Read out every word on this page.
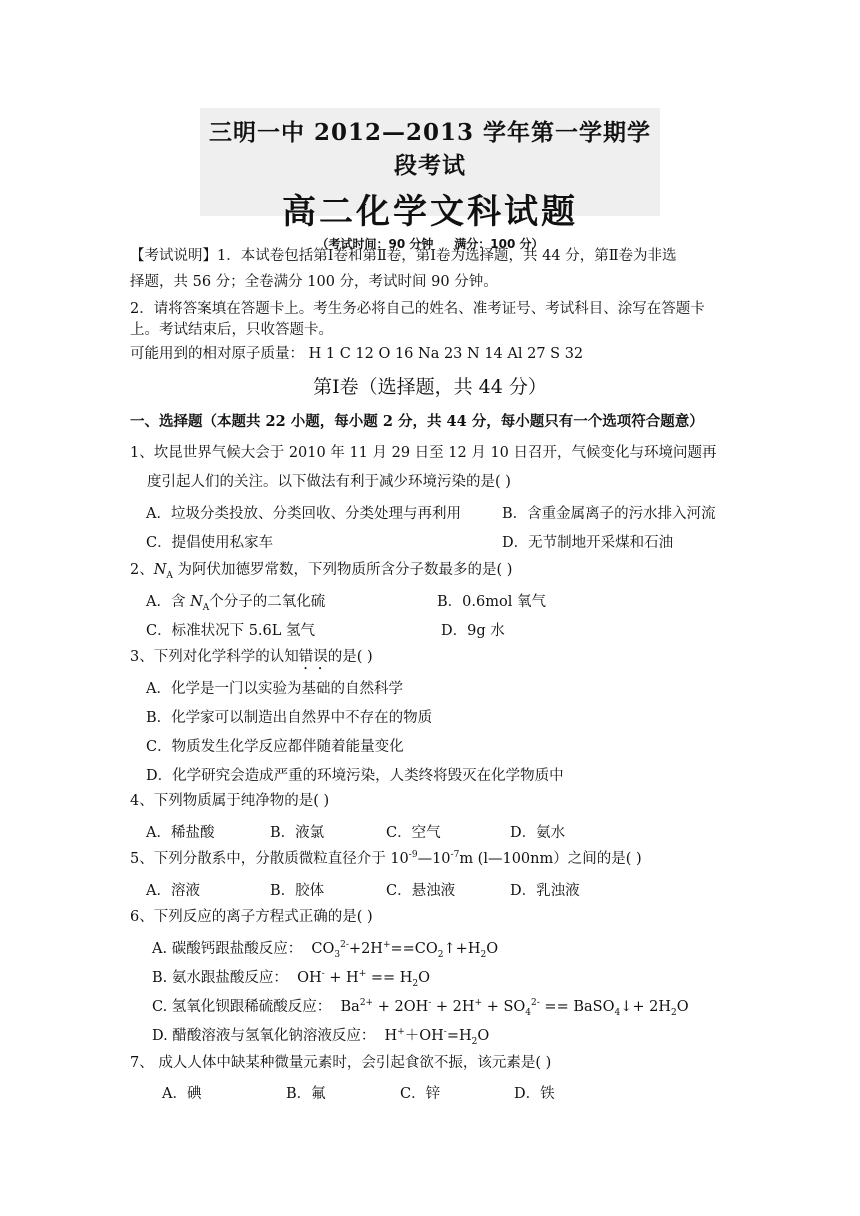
三明一中 2012—2013 学年第一学期学段考试
高二化学文科试题
（考试时间：90 分钟     满分：100 分）
【考试说明】1．本试卷包括第Ⅰ卷和第Ⅱ卷，第Ⅰ卷为选择题，共 44 分，第Ⅱ卷为非选
择题，共 56 分；全卷满分 100 分，考试时间 90 分钟。
2．请将答案填在答题卡上。考生务必将自己的姓名、准考证号、考试科目、涂写在答题卡
上。考试结束后，只收答题卡。
可能用到的相对原子质量： H 1 C 12 O 16 Na 23 N 14 Al 27 S 32
第Ⅰ卷（选择题，共 44 分）
一、选择题（本题共 22 小题，每小题 2 分，共 44 分，每小题只有一个选项符合题意）
1、坎昆世界气候大会于 2010 年 11 月 29 日至 12 月 10 日召开，气候变化与环境问题再
度引起人们的关注。以下做法有利于减少环境污染的是( )
A．垃圾分类投放、分类回收、分类处理与再利用	B．含重金属离子的污水排入河流
C．提倡使用私家车	D．无节制地开采煤和石油
2、$N_A$ 为阿伏加德罗常数，下列物质所含分子数最多的是( )
A．含 $N_A$个分子的二氧化硫	B．0.6mol 氧气
C．标准状况下 5.6L 氢气	D．9g 水
3、下列对化学科学的认知错误的是( )
A．化学是一门以实验为基础的自然科学
B．化学家可以制造出自然界中不存在的物质
C．物质发生化学反应都伴随着能量变化
D．化学研究会造成严重的环境污染，人类终将毁灭在化学物质中
4、下列物质属于纯净物的是( )
A．稀盐酸	B．液氯	C．空气	D．氨水
5、下列分散系中，分散质微粒直径介于 $10^{-9}—10^{-7}m$ (l—100nm）之间的是( )
A．溶液	B．胶体	C．悬浊液	D．乳浊液
6、下列反应的离子方程式正确的是( )
A. 碳酸钙跟盐酸反应：  $CO_3^{2-}+2H^+==CO_2↑+H_2O$
B. 氨水跟盐酸反应：  $OH^- + H^+ == H_2O$
C. 氢氧化钡跟稀硫酸反应：  $Ba^{2+} + 2OH^- + 2H^+ + SO_4^{2-}$ == BaSO$_4$↓+ $2H_2O$
D. 醋酸溶液与氢氧化钠溶液反应：  $H^++OH^-=H_2O$
7、 成人人体中缺某种微量元素时，会引起食欲不振，该元素是( )
A．碘	B．氟	C．锌	D．铁
